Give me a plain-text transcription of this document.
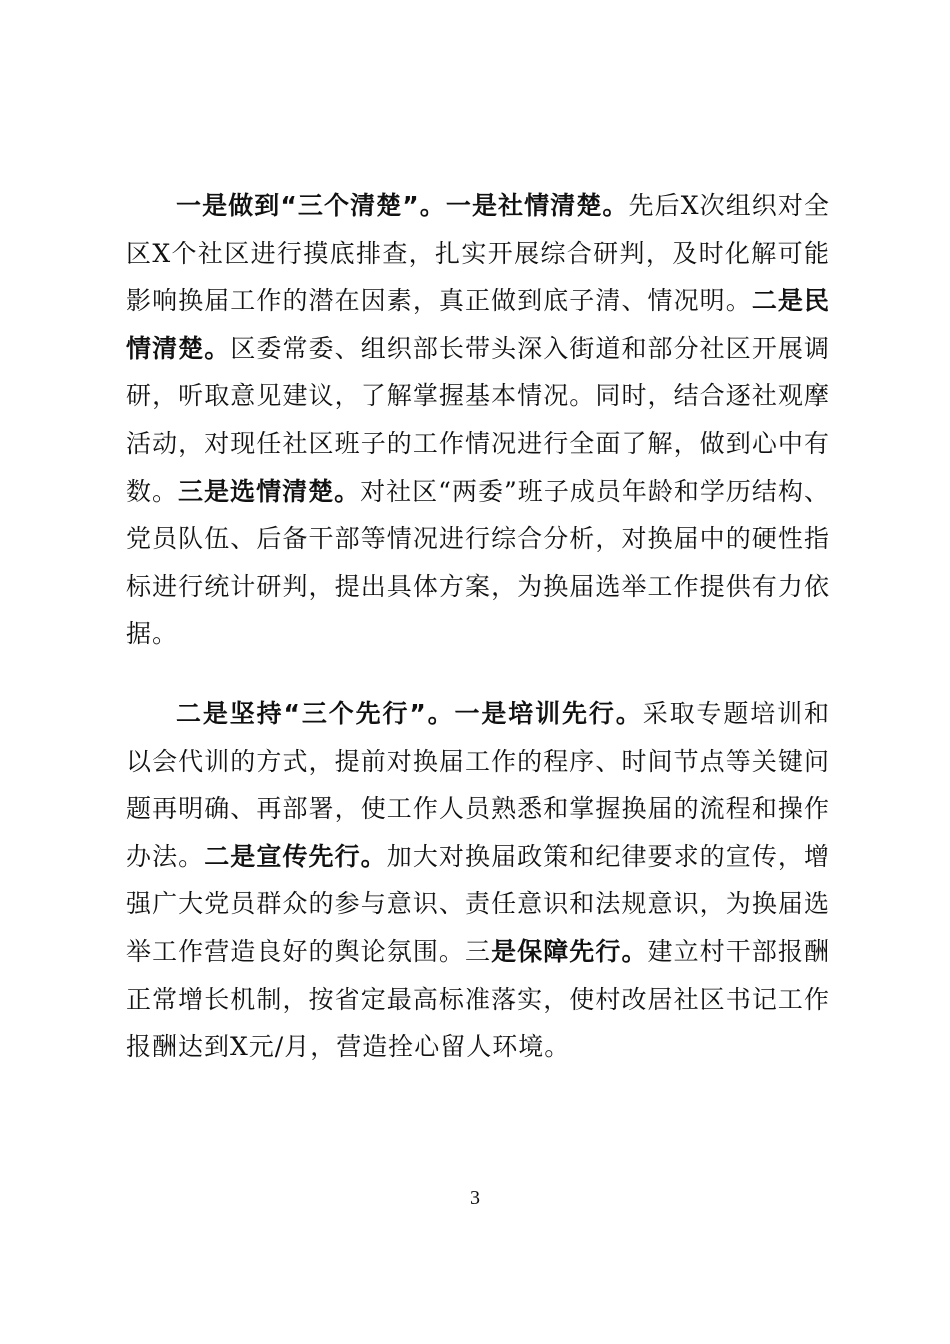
一是做到“三个清楚”。一是社情清楚。先后X次组织对全区X个社区进行摸底排查，扎实开展综合研判，及时化解可能影响换届工作的潜在因素，真正做到底子清、情况明。二是民情清楚。区委常委、组织部长带头深入街道和部分社区开展调研，听取意见建议，了解掌握基本情况。同时，结合逐社观摩活动，对现任社区班子的工作情况进行全面了解，做到心中有数。三是选情清楚。对社区“两委”班子成员年龄和学历结构、党员队伍、后备干部等情况进行综合分析，对换届中的硬性指标进行统计研判，提出具体方案，为换届选举工作提供有力依据。

二是坚持“三个先行”。一是培训先行。采取专题培训和以会代训的方式，提前对换届工作的程序、时间节点等关键问题再明确、再部署，使工作人员熟悉和掌握换届的流程和操作办法。二是宣传先行。加大对换届政策和纪律要求的宣传，增强广大党员群众的参与意识、责任意识和法规意识，为换届选举工作营造良好的舆论氛围。三是保障先行。建立村干部报酬正常增长机制，按省定最高标准落实，使村改居社区书记工作报酬达到X元/月，营造拴心留人环境。

3
